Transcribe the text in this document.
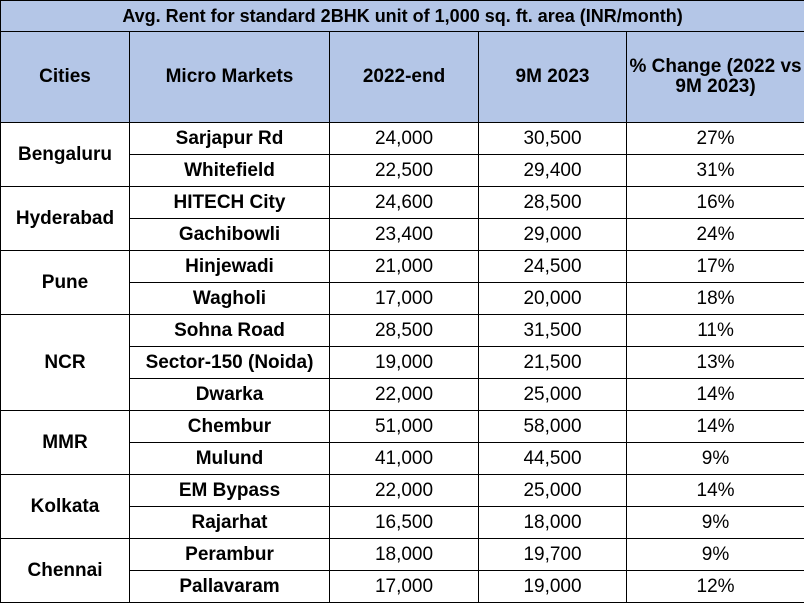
Avg. Rent for standard 2BHK unit of 1,000 sq. ft. area (INR/month)				
Cities	Micro Markets	2022-end	9M 2023	% Change (2022 vs 9M 2023)
Bengaluru	Sarjapur Rd	24,000	30,500	27%
	Whitefield	22,500	29,400	31%
Hyderabad	HITECH City	24,600	28,500	16%
	Gachibowli	23,400	29,000	24%
Pune	Hinjewadi	21,000	24,500	17%
	Wagholi	17,000	20,000	18%
NCR	Sohna Road	28,500	31,500	11%
	Sector-150 (Noida)	19,000	21,500	13%
	Dwarka	22,000	25,000	14%
MMR	Chembur	51,000	58,000	14%
	Mulund	41,000	44,500	9%
Kolkata	EM Bypass	22,000	25,000	14%
	Rajarhat	16,500	18,000	9%
Chennai	Perambur	18,000	19,700	9%
	Pallavaram	17,000	19,000	12%
